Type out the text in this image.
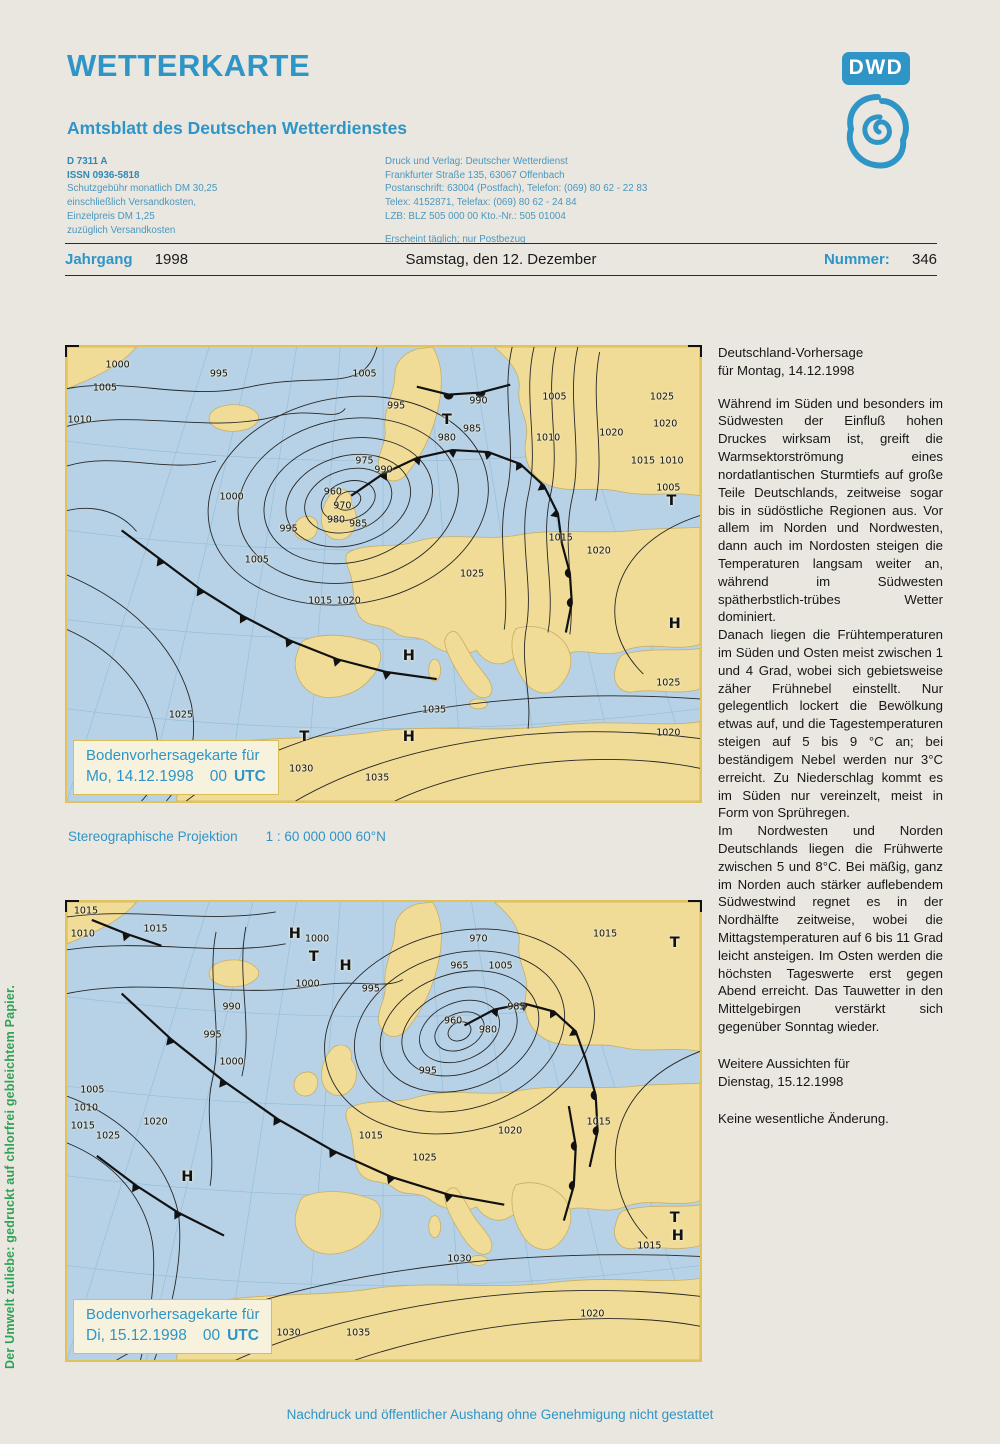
WETTERKARTE
Amtsblatt des Deutschen Wetterdienstes
D 7311 A
ISSN 0936-5818
Schutzgebühr monatlich DM 30,25
einschließlich Versandkosten,
Einzelpreis DM 1,25
zuzüglich Versandkosten
Druck und Verlag: Deutscher Wetterdienst
Frankfurter Straße 135, 63067 Offenbach
Postanschrift: 63004 (Postfach), Telefon: (069) 80 62 - 22 83
Telex: 4152871, Telefax: (069) 80 62 - 24 84
LZB: BLZ 505 000 00 Kto.-Nr.: 505 01004
Erscheint täglich; nur Postbezug
DWD
Jahrgang 1998	Samstag, den 12. Dezember	Nummer: 346
1000
995
1005
1005
995	990
T
985
980
1005	1025
1010
1020
1020
1010
1015 1010
975
990
960
970
980 985
1000
995
1005
T
1015
1020
1005
1025
1015 1020
H
H
1025
1035
1025
1020
T	H
1030
1035
Bodenvorhersagekarte für
Mo, 14.12.1998 00 UTC
Stereographische Projektion 1 : 60 000 000 60°N
1015
1010	1015	H 1000
T
H
970	1015
T
965 1005
1000	995
990	985
995
960
980
1000
995
1005
1010
1015	1020
1025	1015	1020
1015
1025
H
T
H
1015
1030
1020
1030	1035
Bodenvorhersagekarte für
Di, 15.12.1998 00 UTC

Deutschland-Vorhersage
für Montag, 14.12.1998

Während im Süden und besonders im Südwesten der Einfluß hohen Druckes wirksam ist, greift die Warmsektorströmung eines nordatlantischen Sturmtiefs auf große Teile Deutschlands, zeitweise sogar bis in südöstliche Regionen aus. Vor allem im Norden und Nordwesten, dann auch im Nordosten steigen die Temperaturen langsam weiter an, während im Südwesten spätherbstlich-trübes Wetter dominiert.

Danach liegen die Frühtemperaturen im Süden und Osten meist zwischen 1 und 4 Grad, wobei sich gebietsweise zäher Frühnebel einstellt. Nur gelegentlich lockert die Bewölkung etwas auf, und die Tagestemperaturen steigen auf 5 bis 9 °C an; bei beständigem Nebel werden nur 3°C erreicht. Zu Niederschlag kommt es im Süden nur vereinzelt, meist in Form von Sprühregen.

Im Nordwesten und Norden Deutschlands liegen die Frühwerte zwischen 5 und 8°C. Bei mäßig, ganz im Norden auch stärker auflebendem Südwestwind regnet es in der Nordhälfte zeitweise, wobei die Mittagstemperaturen auf 6 bis 11 Grad leicht ansteigen. Im Osten werden die höchsten Tageswerte erst gegen Abend erreicht. Das Tauwetter in den Mittelgebirgen verstärkt sich gegenüber Sonntag wieder.

Weitere Aussichten für
Dienstag, 15.12.1998

Keine wesentliche Änderung.

Der Umwelt zuliebe: gedruckt auf chlorfrei gebleichtem Papier.
Nachdruck und öffentlicher Aushang ohne Genehmigung nicht gestattet
